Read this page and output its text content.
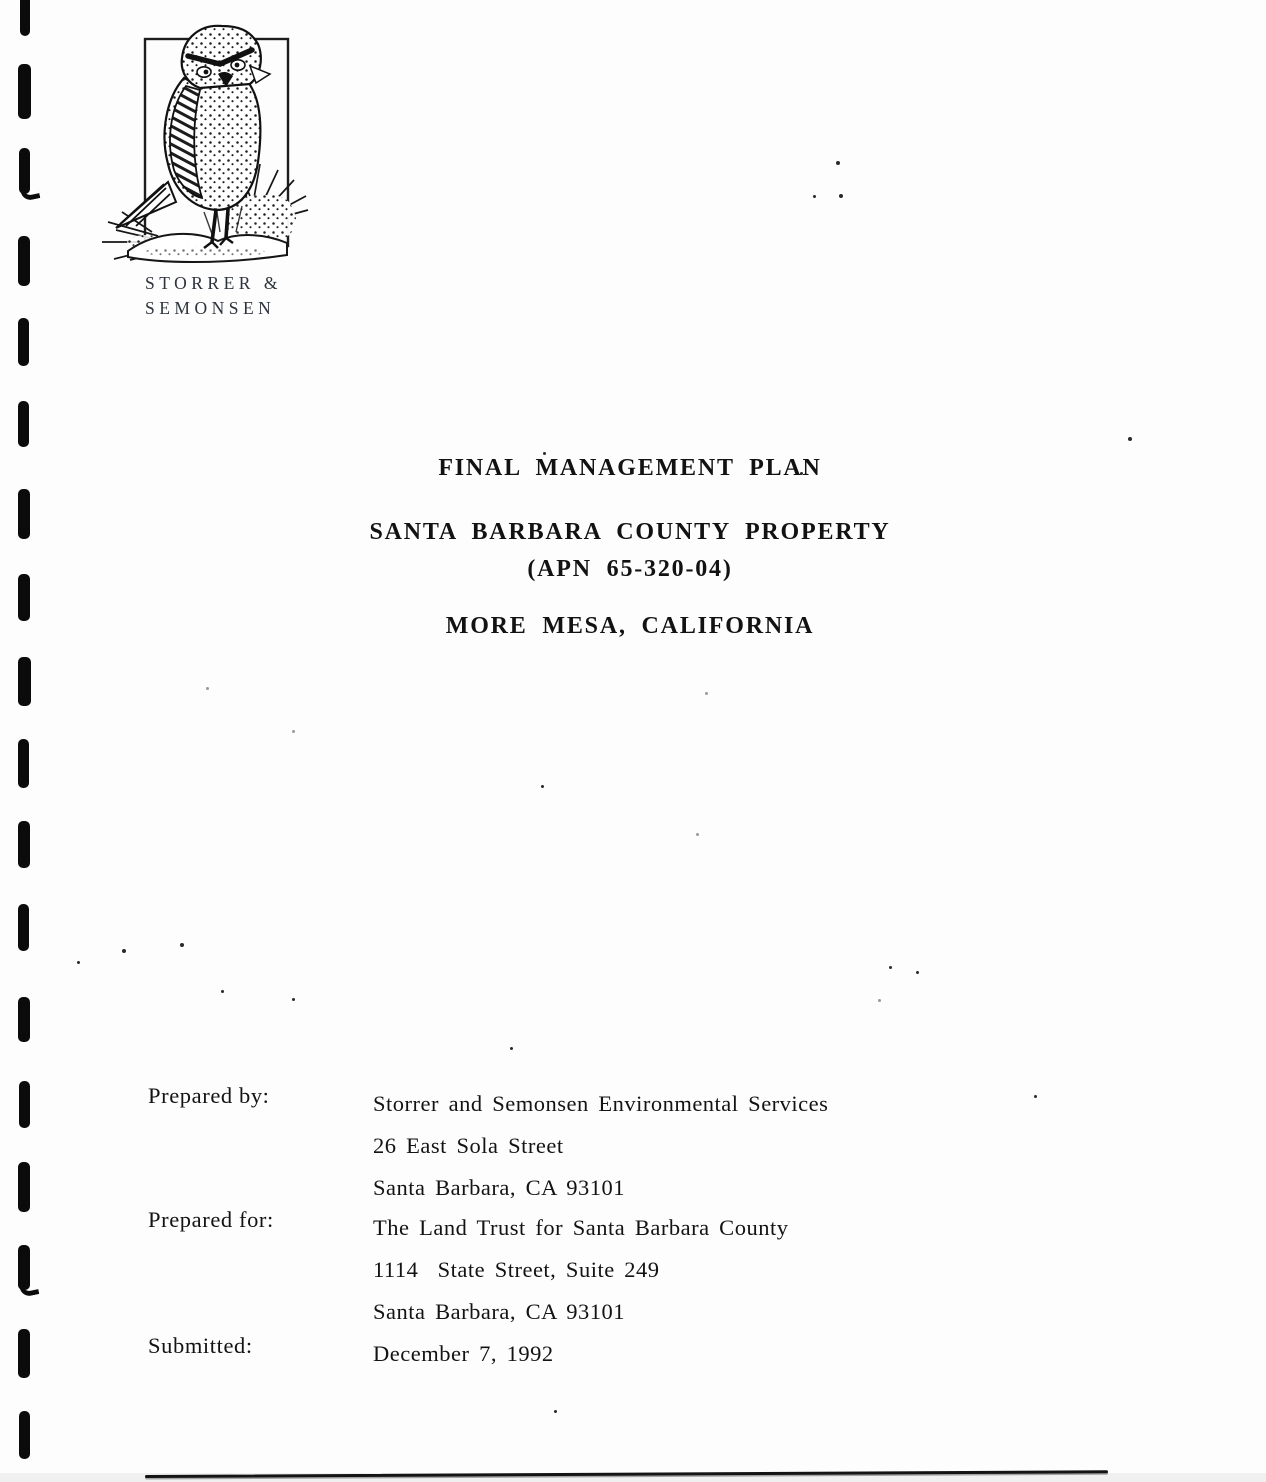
STORRER &
SEMONSEN
FINAL MANAGEMENT PLAN
SANTA BARBARA COUNTY PROPERTY
(APN 65-320-04)
MORE MESA, CALIFORNIA
Prepared by:	Storrer and Semonsen Environmental Services
26 East Sola Street
Santa Barbara, CA 93101
Prepared for:	The Land Trust for Santa Barbara County
1114  State Street, Suite 249
Santa Barbara, CA 93101
Submitted:	December 7, 1992
